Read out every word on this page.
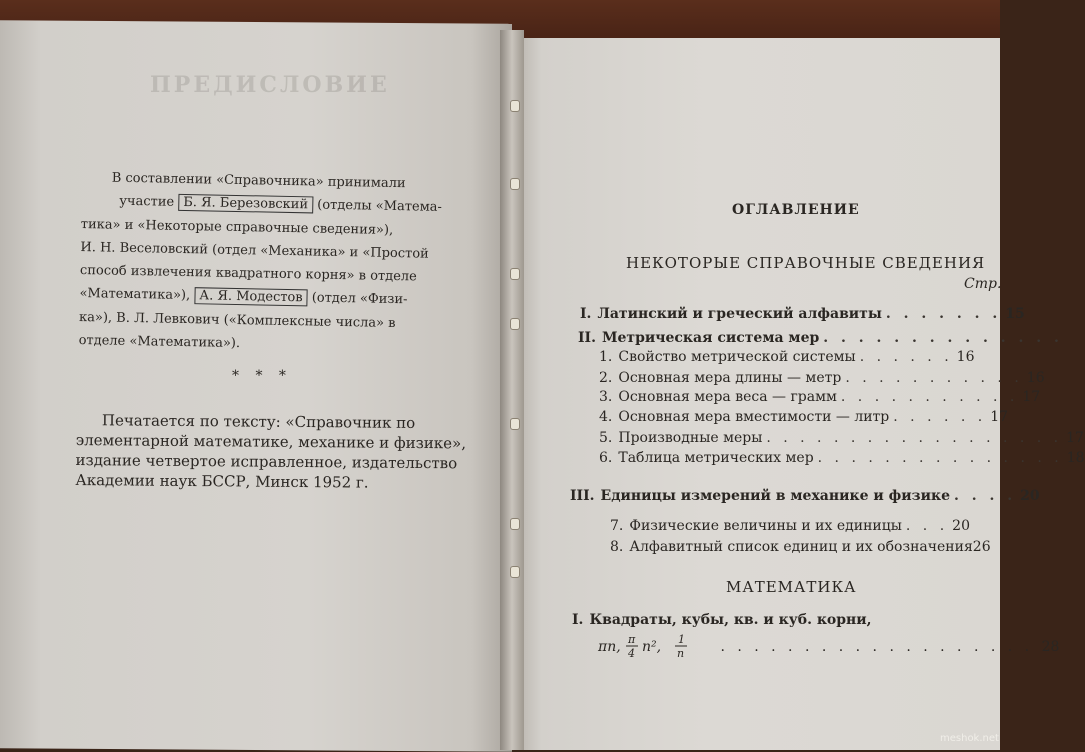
ПРЕДИСЛОВИЕ
В составлении «Справочника» принимали
участие Б. Я. Березовский (отделы «Матема-
тика» и «Некоторые справочные сведения»),
И. Н. Веселовский (отдел «Механика» и «Простой
способ извлечения квадратного корня» в отделе
«Математика»), А. Я. Модестов (отдел «Физи-
ка»), В. Л. Левкович («Комплексные числа» в
отделе «Математика»).
* * *
Печатается по тексту: «Справочник по
элементарной математике, механике и физике»,
издание четвертое исправленное, издательство
Академии наук БССР, Минск 1952 г.
ОГЛАВЛЕНИЕ
НЕКОТОРЫЕ СПРАВОЧНЫЕ СВЕДЕНИЯ
Стр.
I. Латинский и греческий алфавиты . . . . . . . 15
II. Метрическая система мер . . . . . . . . . . . . . .
1. Свойство метрической системы . . . . . . 16
2. Основная мера длины — метр . . . . . . . . . . . 16
3. Основная мера веса — грамм . . . . . . . . . . . 17
4. Основная мера вместимости — литр . . . . . . 17
5. Производные меры . . . . . . . . . . . . . . . . . . 17
6. Таблица метрических мер . . . . . . . . . . . . . . . 18
III. Единицы измерений в механике и физике . . . . 20
7. Физические величины и их единицы . . . 20
8. Алфавитный список единиц и их обозначения 26
МАТЕМАТИКА
I. Квадраты, кубы, кв. и куб. корни,
πn, π
4 n², 1
n	. . . . . . . . . . . . . . . . . . . 28
meshok.net
